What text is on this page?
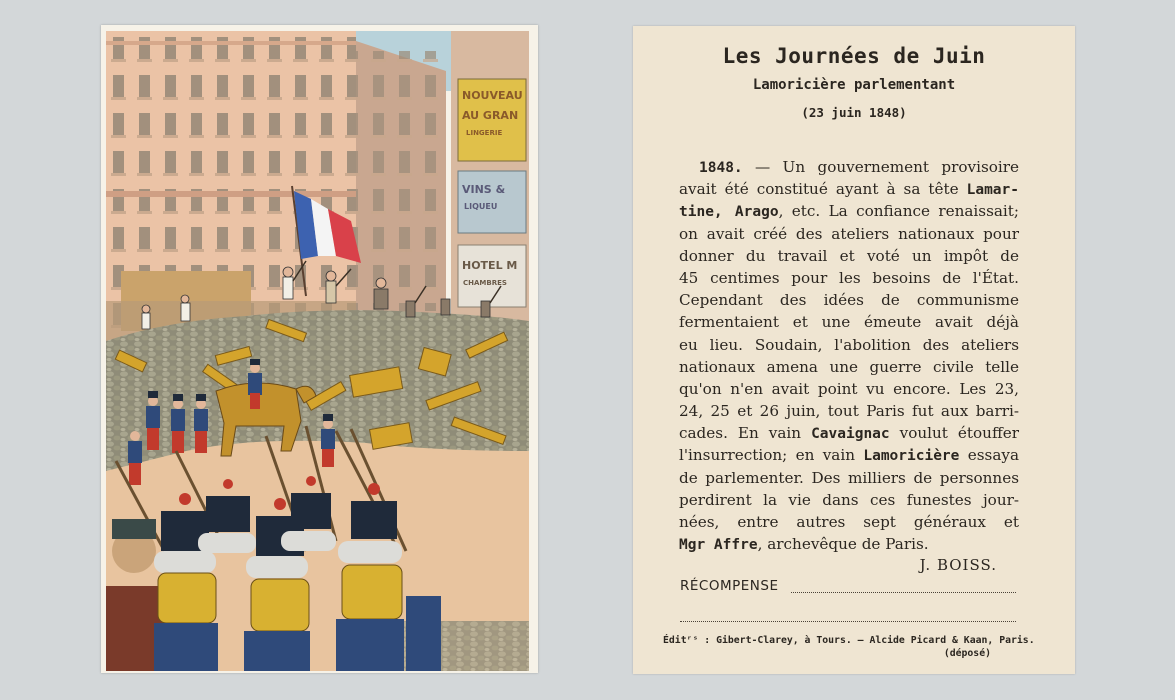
NOUVEAU
AU GRAN
LINGERIE
VINS &
LIQUEU
HOTEL M
CHAMBRES
Les Journées de Juin
Lamoricière parlementant
(23 juin 1848)
1848. — Un gouvernement provisoire
avait été constitué ayant à sa tête Lamar-
tine, Arago, etc. La confiance renaissait;
on avait créé des ateliers nationaux pour
donner du travail et voté un impôt de
45 centimes pour les besoins de l'État.
Cependant des idées de communisme
fermentaient et une émeute avait déjà
eu lieu. Soudain, l'abolition des ateliers
nationaux amena une guerre civile telle
qu'on n'en avait point vu encore. Les 23,
24, 25 et 26 juin, tout Paris fut aux barri-
cades. En vain Cavaignac voulut étouffer
l'insurrection; en vain Lamoricière essaya
de parlementer. Des milliers de personnes
perdirent la vie dans ces funestes jour-
nées, entre autres sept généraux et
Mgr Affre, archevêque de Paris.
J. BOISS.
RÉCOMPENSE
Éditʳˢ : Gibert-Clarey, à Tours. — Alcide Picard & Kaan, Paris.
(déposé)
